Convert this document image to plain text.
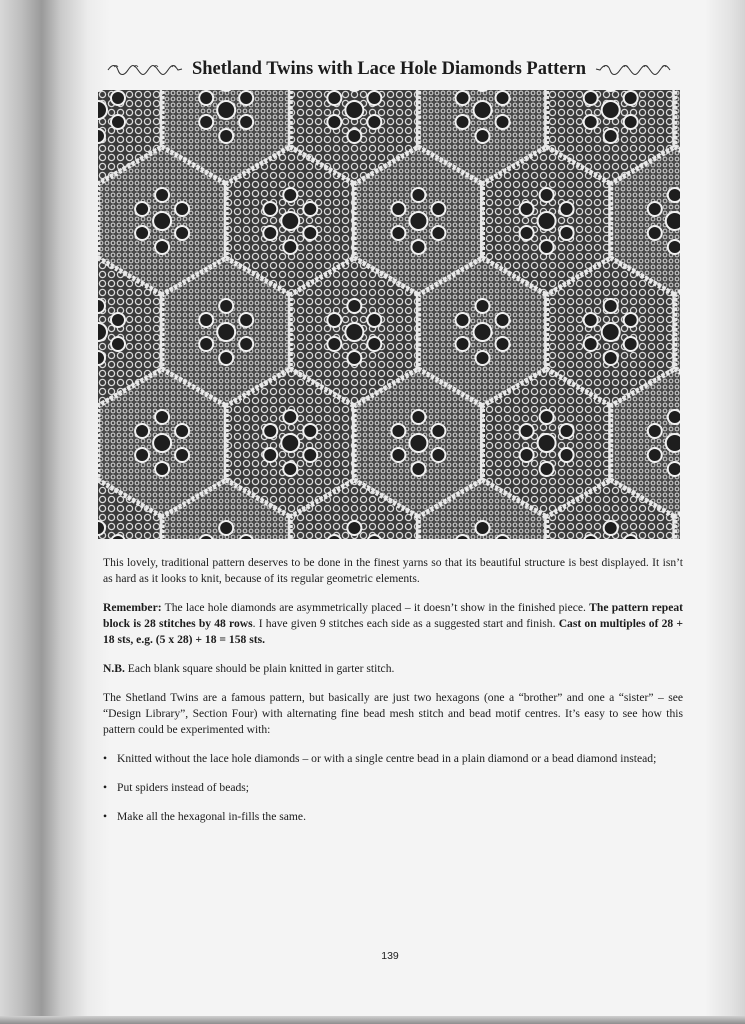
Shetland Twins with Lace Hole Diamonds Pattern

This lovely, traditional pattern deserves to be done in the finest yarns so that its beautiful structure is best displayed. It isn’t as hard as it looks to knit, because of its regular geometric elements.

Remember: The lace hole diamonds are asymmetrically placed – it doesn’t show in the finished piece. The pattern repeat block is 28 stitches by 48 rows. I have given 9 stitches each side as a suggested start and finish. Cast on multiples of 28 + 18 sts, e.g. (5 x 28) + 18 = 158 sts.

N.B. Each blank square should be plain knitted in garter stitch.

The Shetland Twins are a famous pattern, but basically are just two hexagons (one a “brother” and one a “sister” – see “Design Library”, Section Four) with alternating fine bead mesh stitch and bead motif centres. It’s easy to see how this pattern could be experimented with:

• Knitted without the lace hole diamonds – or with a single centre bead in a plain diamond or a bead diamond instead;
• Put spiders instead of beads;
• Make all the hexagonal in-fills the same.
139
